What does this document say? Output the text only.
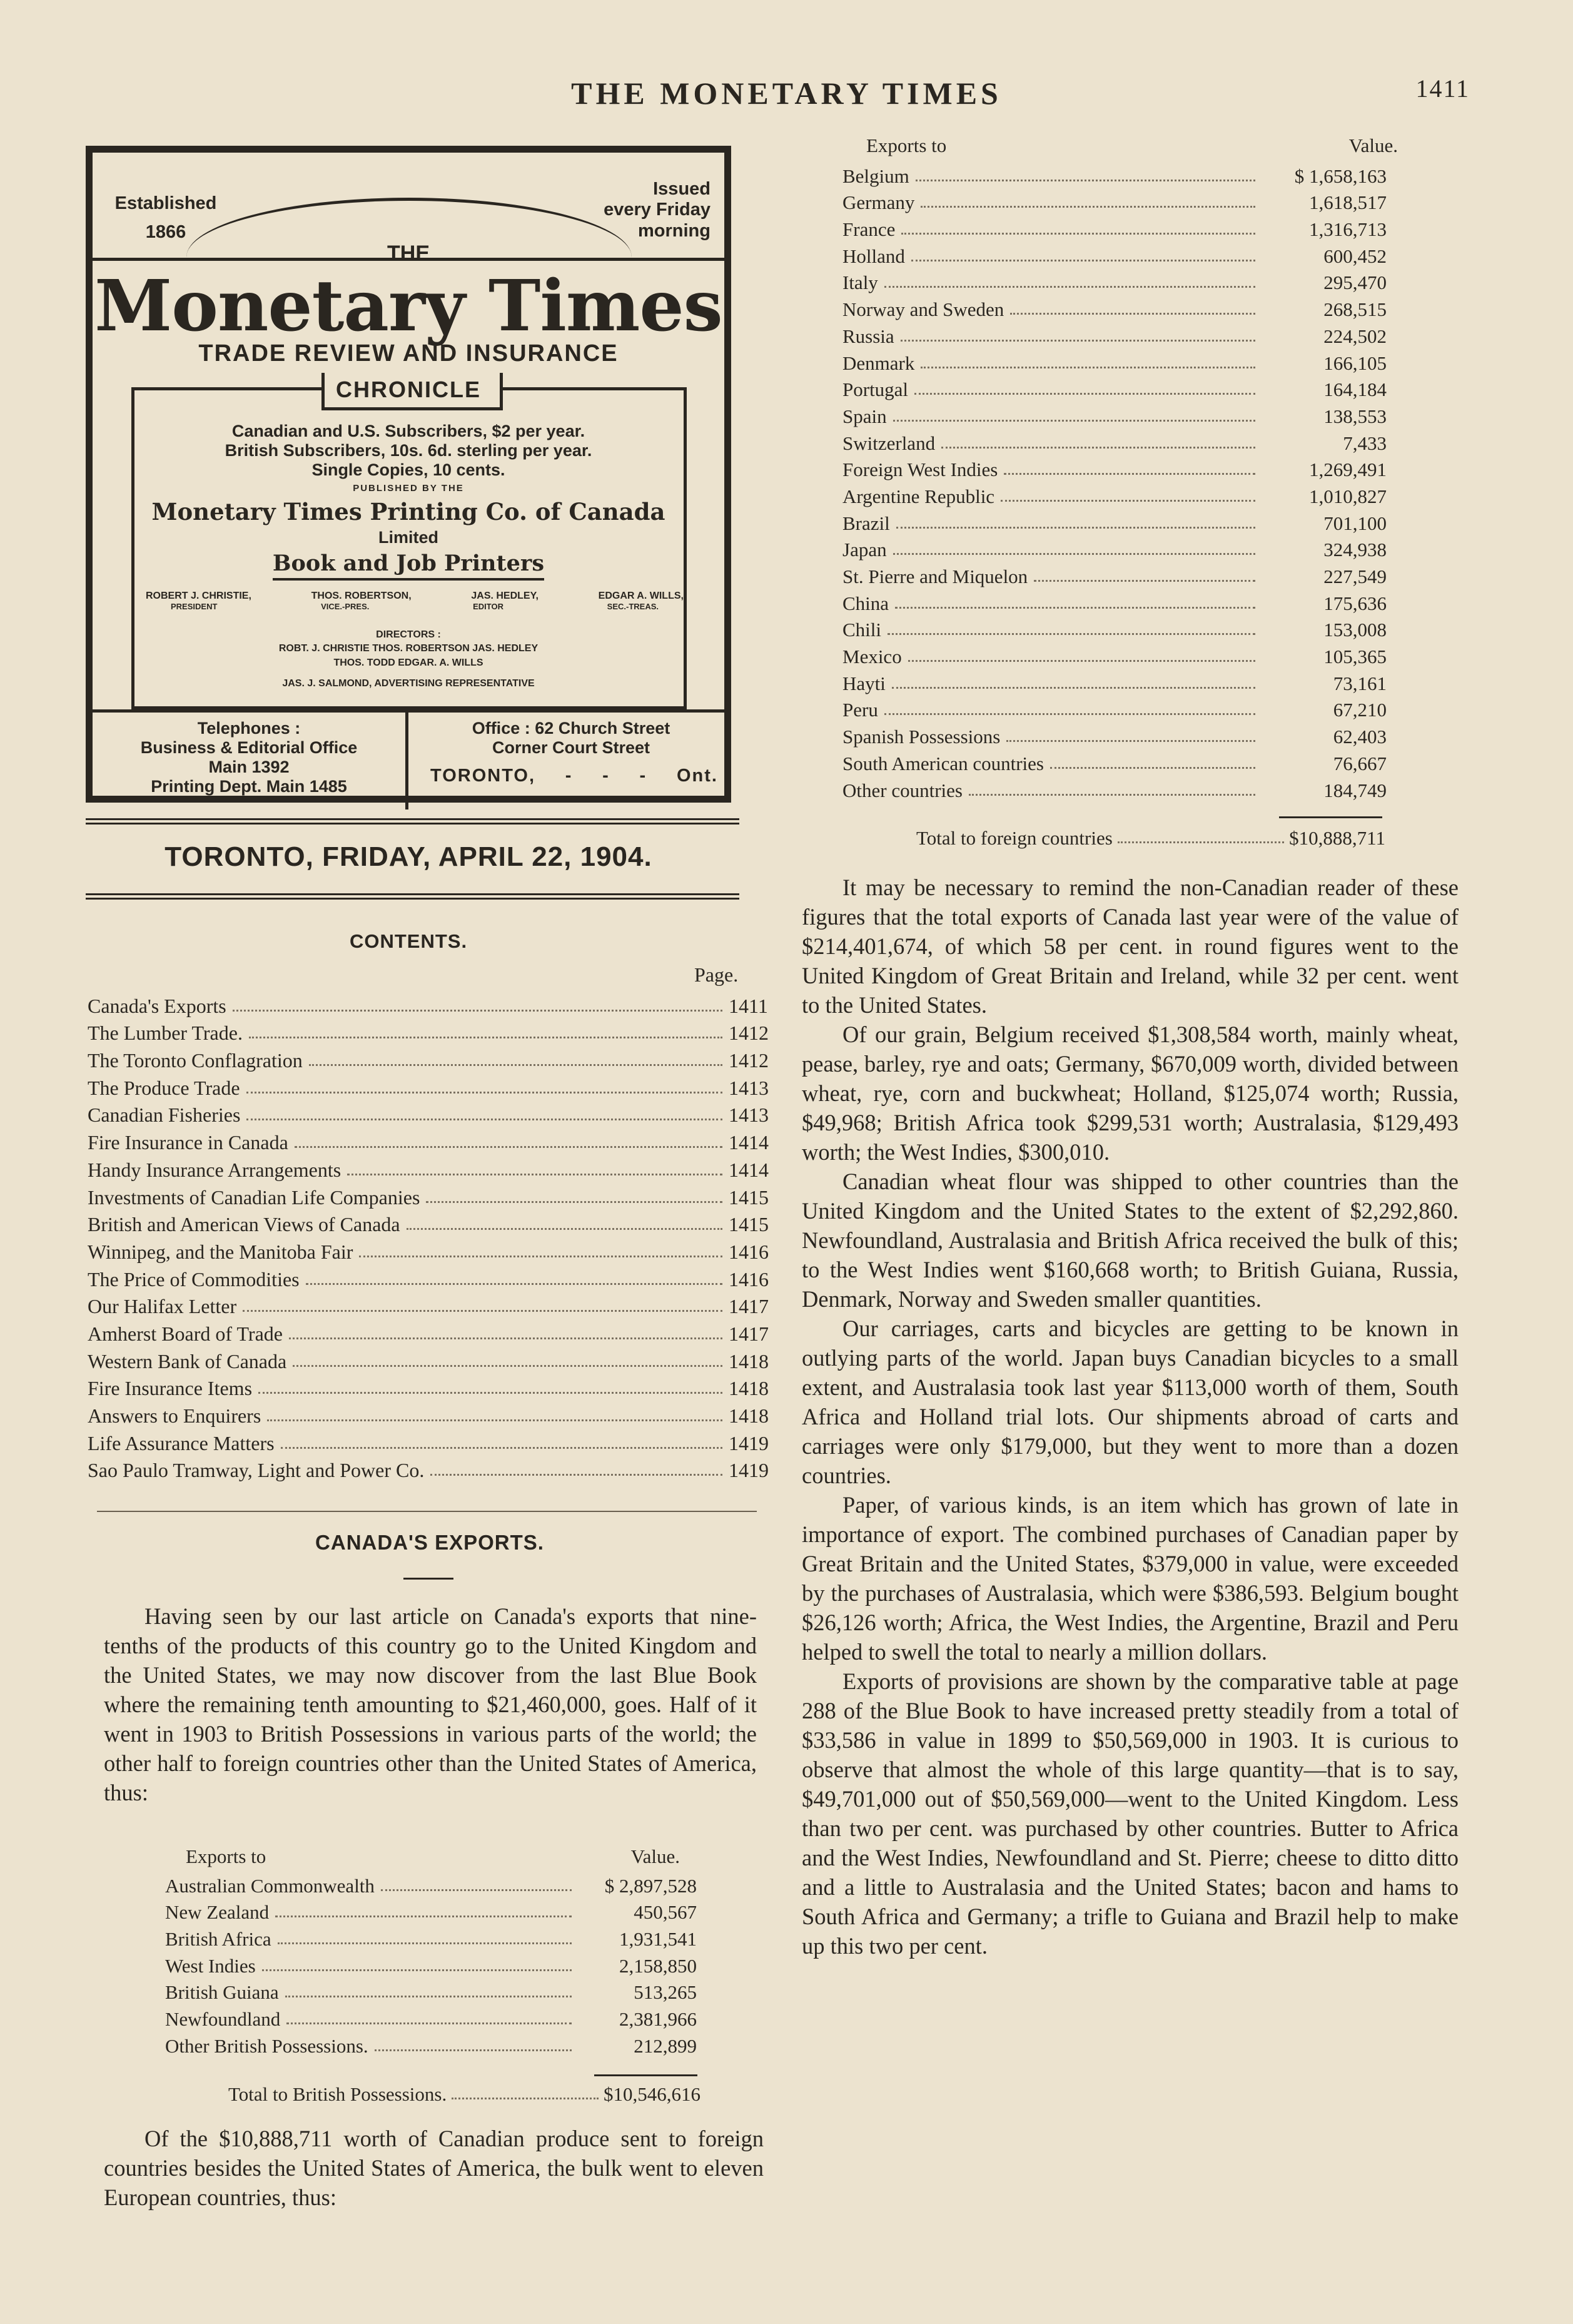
THE MONETARY TIMES	1411
Established
1866
Issued
every Friday
morning
THE
Monetary Times
TRADE REVIEW AND INSURANCE
CHRONICLE
Canadian and U.S. Subscribers, $2 per year.
British Subscribers, 10s. 6d. sterling per year.
Single Copies, 10 cents.
PUBLISHED BY THE
Monetary Times Printing Co. of Canada
Limited
Book and Job Printers
ROBERT J. CHRISTIE,	THOS. ROBERTSON,	JAS. HEDLEY,	EDGAR A. WILLS,
PRESIDENT	VICE.-PRES.	EDITOR	SEC.-TREAS.
DIRECTORS :
ROBT. J. CHRISTIE THOS. ROBERTSON JAS. HEDLEY
THOS. TODD EDGAR. A. WILLS
JAS. J. SALMOND, ADVERTISING REPRESENTATIVE
Telephones :
Business & Editorial Office
Main 1392
Printing Dept. Main 1485
Office : 62 Church Street
Corner Court Street
TORONTO, - - - Ont.
TORONTO, FRIDAY, APRIL 22, 1904.
CONTENTS.
Page.
Canada's Exports	1411
The Lumber Trade.	1412
The Toronto Conflagration	1412
The Produce Trade	1413
Canadian Fisheries	1413
Fire Insurance in Canada	1414
Handy Insurance Arrangements	1414
Investments of Canadian Life Companies	1415
British and American Views of Canada	1415
Winnipeg, and the Manitoba Fair	1416
The Price of Commodities	1416
Our Halifax Letter	1417
Amherst Board of Trade	1417
Western Bank of Canada	1418
Fire Insurance Items	1418
Answers to Enquirers	1418
Life Assurance Matters	1419
Sao Paulo Tramway, Light and Power Co.	1419
CANADA'S EXPORTS.
Having seen by our last article on Canada's exports that nine-tenths of the products of this country go to the United Kingdom and the United States, we may now discover from the last Blue Book where the remaining tenth amounting to $21,460,000, goes. Half of it went in 1903 to British Possessions in various parts of the world; the other half to foreign countries other than the United States of America, thus:
Exports to	Value.
Australian Commonwealth	$ 2,897,528
New Zealand	450,567
British Africa	1,931,541
West Indies	2,158,850
British Guiana	513,265
Newfoundland	2,381,966
Other British Possessions.	212,899
Total to British Possessions.	$10,546,616
Of the $10,888,711 worth of Canadian produce sent to foreign countries besides the United States of America, the bulk went to eleven European countries, thus:
Exports to	Value.
Belgium	$ 1,658,163
Germany	1,618,517
France	1,316,713
Holland	600,452
Italy	295,470
Norway and Sweden	268,515
Russia	224,502
Denmark	166,105
Portugal	164,184
Spain	138,553
Switzerland	7,433
Foreign West Indies	1,269,491
Argentine Republic	1,010,827
Brazil	701,100
Japan	324,938
St. Pierre and Miquelon	227,549
China	175,636
Chili	153,008
Mexico	105,365
Hayti	73,161
Peru	67,210
Spanish Possessions	62,403
South American countries	76,667
Other countries	184,749
Total to foreign countries	$10,888,711
It may be necessary to remind the non-Canadian reader of these figures that the total exports of Canada last year were of the value of $214,401,674, of which 58 per cent. in round figures went to the United Kingdom of Great Britain and Ireland, while 32 per cent. went to the United States.
Of our grain, Belgium received $1,308,584 worth, mainly wheat, pease, barley, rye and oats; Germany, $670,009 worth, divided between wheat, rye, corn and buckwheat; Holland, $125,074 worth; Russia, $49,968; British Africa took $299,531 worth; Australasia, $129,493 worth; the West Indies, $300,010.
Canadian wheat flour was shipped to other countries than the United Kingdom and the United States to the extent of $2,292,860. Newfoundland, Australasia and British Africa received the bulk of this; to the West Indies went $160,668 worth; to British Guiana, Russia, Denmark, Norway and Sweden smaller quantities.
Our carriages, carts and bicycles are getting to be known in outlying parts of the world. Japan buys Canadian bicycles to a small extent, and Australasia took last year $113,000 worth of them, South Africa and Holland trial lots. Our shipments abroad of carts and carriages were only $179,000, but they went to more than a dozen countries.
Paper, of various kinds, is an item which has grown of late in importance of export. The combined purchases of Canadian paper by Great Britain and the United States, $379,000 in value, were exceeded by the purchases of Australasia, which were $386,593. Belgium bought $26,126 worth; Africa, the West Indies, the Argentine, Brazil and Peru helped to swell the total to nearly a million dollars.
Exports of provisions are shown by the comparative table at page 288 of the Blue Book to have increased pretty steadily from a total of $33,586 in value in 1899 to $50,569,000 in 1903. It is curious to observe that almost the whole of this large quantity—that is to say, $49,701,000 out of $50,569,000—went to the United Kingdom. Less than two per cent. was purchased by other countries. Butter to Africa and the West Indies, Newfoundland and St. Pierre; cheese to ditto ditto and a little to Australasia and the United States; bacon and hams to South Africa and Germany; a trifle to Guiana and Brazil help to make up this two per cent.
